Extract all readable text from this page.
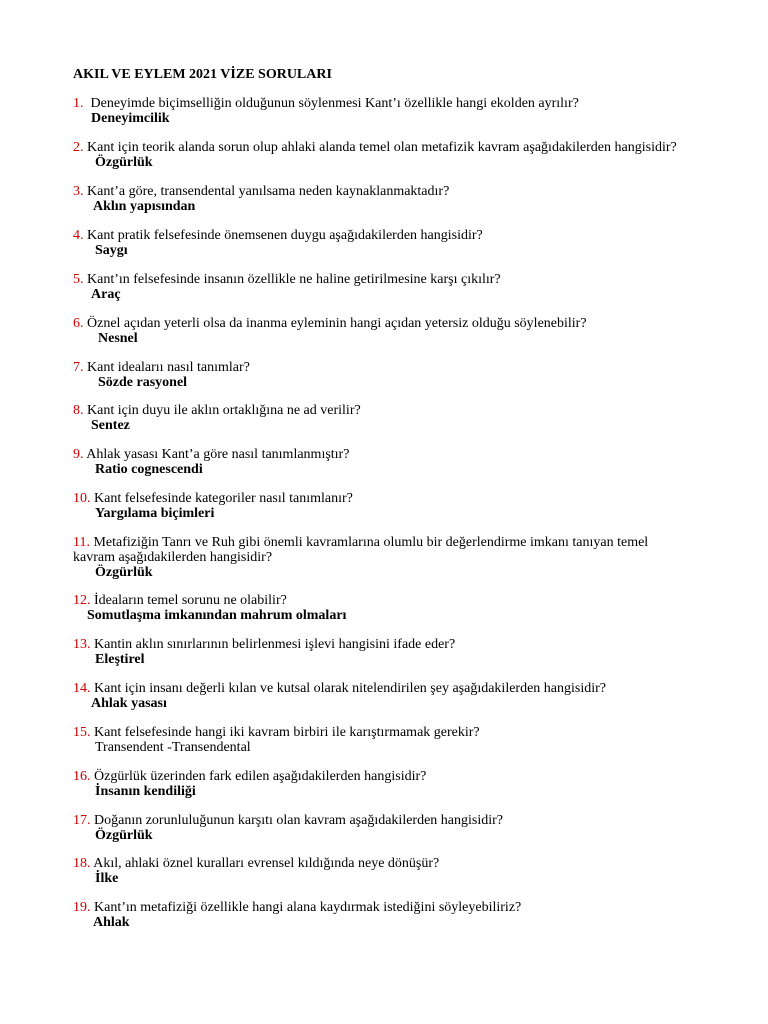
AKIL VE EYLEM 2021 VİZE SORULARI
1.  Deneyimde biçimselliğin olduğunun söylenmesi Kant’ı özellikle hangi ekolden ayrılır?
Deneyimcilik
2. Kant için teorik alanda sorun olup ahlaki alanda temel olan metafizik kavram aşağıdakilerden hangisidir?
Özgürlük
3. Kant’a göre, transendental yanılsama neden kaynaklanmaktadır?
Aklın yapısından
4. Kant pratik felsefesinde önemsenen duygu aşağıdakilerden hangisidir?
Saygı
5. Kant’ın felsefesinde insanın özellikle ne haline getirilmesine karşı çıkılır?
Araç
6. Öznel açıdan yeterli olsa da inanma eyleminin hangi açıdan yetersiz olduğu söylenebilir?
Nesnel
7. Kant idealarıı nasıl tanımlar?
Sözde rasyonel
8. Kant için duyu ile aklın ortaklığına ne ad verilir?
Sentez
9. Ahlak yasası Kant’a göre nasıl tanımlanmıştır?
Ratio cognescendi
10. Kant felsefesinde kategoriler nasıl tanımlanır?
Yargılama biçimleri
11. Metafiziğin Tanrı ve Ruh gibi önemli kavramlarına olumlu bir değerlendirme imkanı tanıyan temel
kavram aşağıdakilerden hangisidir?
Özgürlük
12. İdeaların temel sorunu ne olabilir?
Somutlaşma imkanından mahrum olmaları
13. Kantin aklın sınırlarının belirlenmesi işlevi hangisini ifade eder?
Eleştirel
14. Kant için insanı değerli kılan ve kutsal olarak nitelendirilen şey aşağıdakilerden hangisidir?
Ahlak yasası
15. Kant felsefesinde hangi iki kavram birbiri ile karıştırmamak gerekir?
Transendent -Transendental
16. Özgürlük üzerinden fark edilen aşağıdakilerden hangisidir?
İnsanın kendiliği
17. Doğanın zorunluluğunun karşıtı olan kavram aşağıdakilerden hangisidir?
Özgürlük
18. Akıl, ahlaki öznel kuralları evrensel kıldığında neye dönüşür?
İlke
19. Kant’ın metafiziği özellikle hangi alana kaydırmak istediğini söyleyebiliriz?
Ahlak
